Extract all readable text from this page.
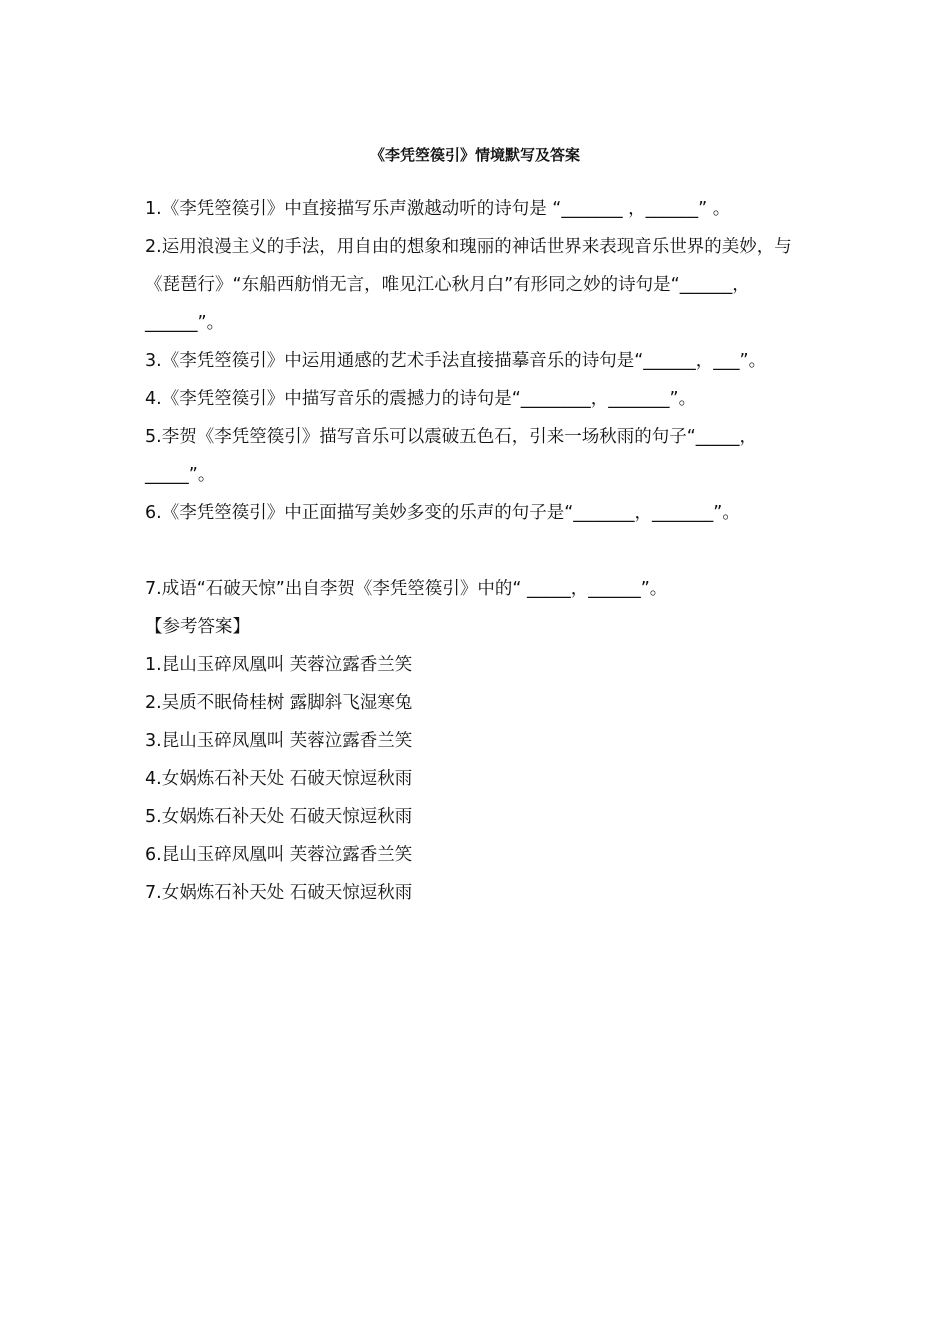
《李凭箜篌引》情境默写及答案

1.《李凭箜篌引》中直接描写乐声激越动听的诗句是 “_______ ，______” 。

2.运用浪漫主义的手法，用自由的想象和瑰丽的神话世界来表现音乐世界的美妙，与《琵琶行》“东船西舫悄无言，唯见江心秋月白”有形同之妙的诗句是“______，______”。

3.《李凭箜篌引》中运用通感的艺术手法直接描摹音乐的诗句是“______，___”。

4.《李凭箜篌引》中描写音乐的震撼力的诗句是“________，_______”。

5.李贺《李凭箜篌引》描写音乐可以震破五色石，引来一场秋雨的句子“_____，_____”。

6.《李凭箜篌引》中正面描写美妙多变的乐声的句子是“_______，_______”。

7.成语“石破天惊”出自李贺《李凭箜篌引》中的“ _____，______”。

【参考答案】

1.昆山玉碎凤凰叫 芙蓉泣露香兰笑

2.吴质不眠倚桂树 露脚斜飞湿寒兔

3.昆山玉碎凤凰叫 芙蓉泣露香兰笑

4.女娲炼石补天处 石破天惊逗秋雨

5.女娲炼石补天处 石破天惊逗秋雨

6.昆山玉碎凤凰叫 芙蓉泣露香兰笑

7.女娲炼石补天处 石破天惊逗秋雨
